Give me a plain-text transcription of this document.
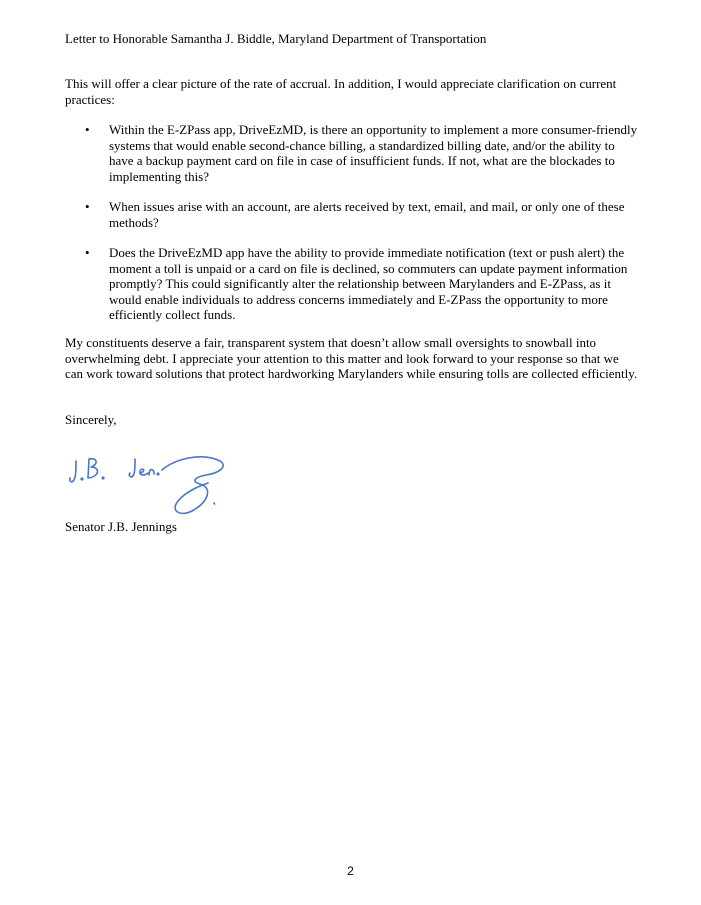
Letter to Honorable Samantha J. Biddle, Maryland Department of Transportation

This will offer a clear picture of the rate of accrual. In addition, I would appreciate clarification on current practices:

• Within the E-ZPass app, DriveEzMD, is there an opportunity to implement a more consumer-friendly systems that would enable second-chance billing, a standardized billing date, and/or the ability to have a backup payment card on file in case of insufficient funds. If not, what are the blockades to implementing this?
• When issues arise with an account, are alerts received by text, email, and mail, or only one of these methods?
• Does the DriveEzMD app have the ability to provide immediate notification (text or push alert) the moment a toll is unpaid or a card on file is declined, so commuters can update payment information promptly? This could significantly alter the relationship between Marylanders and E-ZPass, as it would enable individuals to address concerns immediately and E-ZPass the opportunity to more efficiently collect funds.

My constituents deserve a fair, transparent system that doesn’t allow small oversights to snowball into overwhelming debt. I appreciate your attention to this matter and look forward to your response so that we can work toward solutions that protect hardworking Marylanders while ensuring tolls are collected efficiently.

Sincerely,

Senator J.B. Jennings

2
